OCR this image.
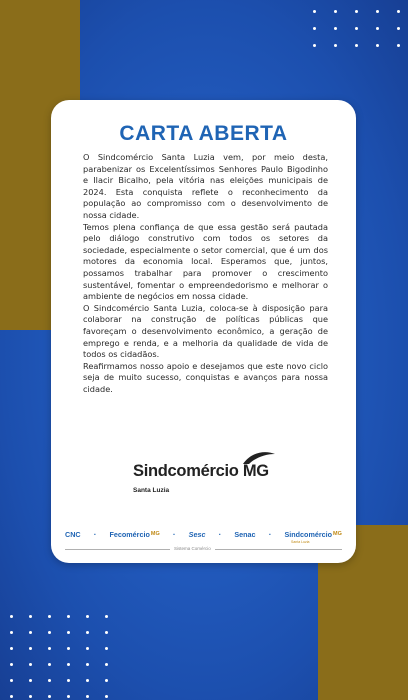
CARTA ABERTA

O Sindcomércio Santa Luzia vem, por meio desta, parabenizar os Excelentíssimos Senhores Paulo Bigodinho e Ilacir Bicalho, pela vitória nas eleições municipais de 2024. Esta conquista reflete o reconhecimento da população ao compromisso com o desenvolvimento de nossa cidade.

Temos plena confiança de que essa gestão será pautada pelo diálogo construtivo com todos os setores da sociedade, especialmente o setor comercial, que é um dos motores da economia local. Esperamos que, juntos, possamos trabalhar para promover o crescimento sustentável, fomentar o empreendedorismo e melhorar o ambiente de negócios em nossa cidade.

O Sindcomércio Santa Luzia, coloca-se à disposição para colaborar na construção de políticas públicas que favoreçam o desenvolvimento econômico, a geração de emprego e renda, e a melhoria da qualidade de vida de todos os cidadãos.

Reafirmamos nosso apoio e desejamos que este novo ciclo seja de muito sucesso, conquistas e avanços para nossa cidade.

Sindcomércio MG
Santa Luzia
CNC · Fecomércio MG · Sesc · Senac · Sindcomércio MG
Sistema Comércio
Santa Luzia
